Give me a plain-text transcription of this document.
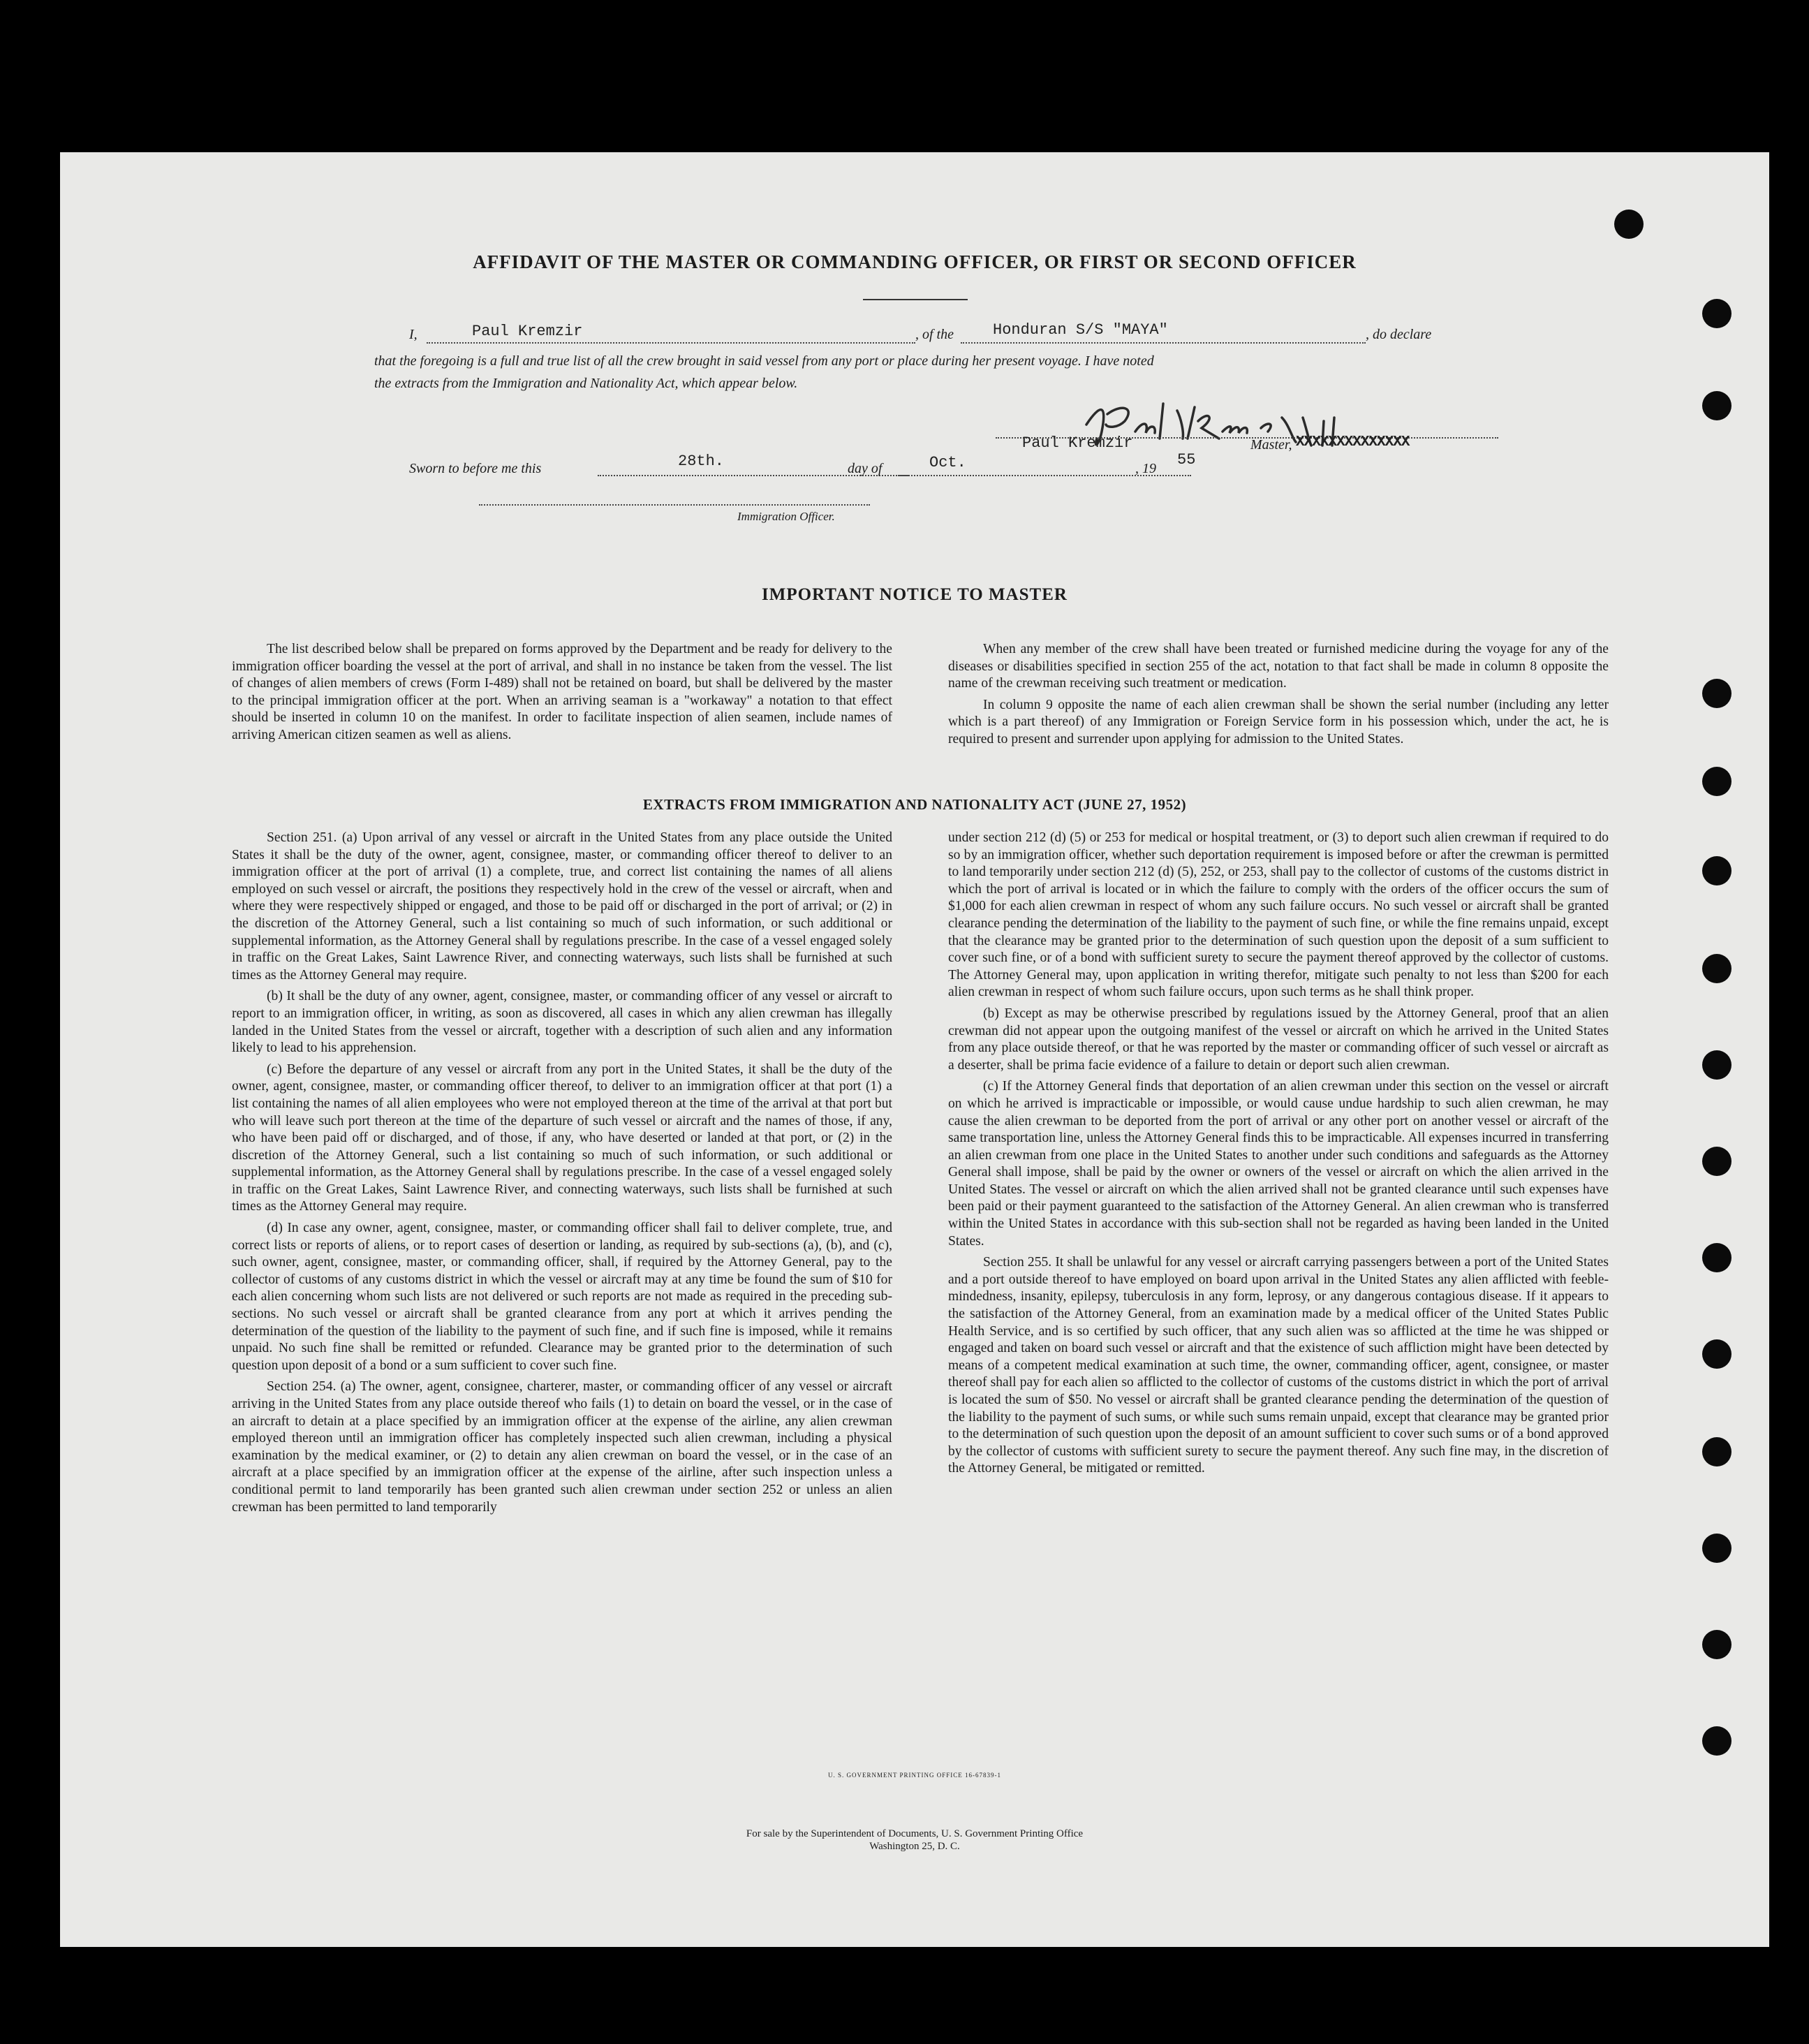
AFFIDAVIT OF THE MASTER OR COMMANDING OFFICER, OR FIRST OR SECOND OFFICER
I,	Paul Kremzir	, of the	Honduran S/S "MAYA"	, do declare
that the foregoing is a full and true list of all the crew brought in said vessel from any port or place during her present voyage. I have noted
the extracts from the Immigration and Nationality Act, which appear below.
Paul Kremzir	Master, XXXXXXXXXXXXXX
Sworn to before me this	28th.	day of	Oct.	, 19 55
Immigration Officer.
IMPORTANT NOTICE TO MASTER

The list described below shall be prepared on forms approved by the Department and be ready for delivery to the immigration officer boarding the vessel at the port of arrival, and shall in no instance be taken from the vessel. The list of changes of alien members of crews (Form I-489) shall not be retained on board, but shall be delivered by the master to the principal immigration officer at the port. When an arriving seaman is a "workaway" a notation to that effect should be inserted in column 10 on the manifest. In order to facilitate inspection of alien seamen, include names of arriving American citizen seamen as well as aliens.

When any member of the crew shall have been treated or furnished medicine during the voyage for any of the diseases or disabilities specified in section 255 of the act, notation to that fact shall be made in column 8 opposite the name of the crewman receiving such treatment or medication.

In column 9 opposite the name of each alien crewman shall be shown the serial number (including any letter which is a part thereof) of any Immigration or Foreign Service form in his possession which, under the act, he is required to present and surrender upon applying for admission to the United States.

EXTRACTS FROM IMMIGRATION AND NATIONALITY ACT (JUNE 27, 1952)

Section 251. (a) Upon arrival of any vessel or aircraft in the United States from any place outside the United States it shall be the duty of the owner, agent, consignee, master, or commanding officer thereof to deliver to an immigration officer at the port of arrival (1) a complete, true, and correct list containing the names of all aliens employed on such vessel or aircraft, the positions they respectively hold in the crew of the vessel or aircraft, when and where they were respectively shipped or engaged, and those to be paid off or discharged in the port of arrival; or (2) in the discretion of the Attorney General, such a list containing so much of such information, or such additional or supplemental information, as the Attorney General shall by regulations prescribe. In the case of a vessel engaged solely in traffic on the Great Lakes, Saint Lawrence River, and connecting waterways, such lists shall be furnished at such times as the Attorney General may require.

(b) It shall be the duty of any owner, agent, consignee, master, or commanding officer of any vessel or aircraft to report to an immigration officer, in writing, as soon as discovered, all cases in which any alien crewman has illegally landed in the United States from the vessel or aircraft, together with a description of such alien and any information likely to lead to his apprehension.

(c) Before the departure of any vessel or aircraft from any port in the United States, it shall be the duty of the owner, agent, consignee, master, or commanding officer thereof, to deliver to an immigration officer at that port (1) a list containing the names of all alien employees who were not employed thereon at the time of the arrival at that port but who will leave such port thereon at the time of the departure of such vessel or aircraft and the names of those, if any, who have been paid off or discharged, and of those, if any, who have deserted or landed at that port, or (2) in the discretion of the Attorney General, such a list containing so much of such information, or such additional or supplemental information, as the Attorney General shall by regulations prescribe. In the case of a vessel engaged solely in traffic on the Great Lakes, Saint Lawrence River, and connecting waterways, such lists shall be furnished at such times as the Attorney General may require.

(d) In case any owner, agent, consignee, master, or commanding officer shall fail to deliver complete, true, and correct lists or reports of aliens, or to report cases of desertion or landing, as required by sub-sections (a), (b), and (c), such owner, agent, consignee, master, or commanding officer, shall, if required by the Attorney General, pay to the collector of customs of any customs district in which the vessel or aircraft may at any time be found the sum of $10 for each alien concerning whom such lists are not delivered or such reports are not made as required in the preceding sub-sections. No such vessel or aircraft shall be granted clearance from any port at which it arrives pending the determination of the question of the liability to the payment of such fine, and if such fine is imposed, while it remains unpaid. No such fine shall be remitted or refunded. Clearance may be granted prior to the determination of such question upon deposit of a bond or a sum sufficient to cover such fine.

Section 254. (a) The owner, agent, consignee, charterer, master, or commanding officer of any vessel or aircraft arriving in the United States from any place outside thereof who fails (1) to detain on board the vessel, or in the case of an aircraft to detain at a place specified by an immigration officer at the expense of the airline, any alien crewman employed thereon until an immigration officer has completely inspected such alien crewman, including a physical examination by the medical examiner, or (2) to detain any alien crewman on board the vessel, or in the case of an aircraft at a place specified by an immigration officer at the expense of the airline, after such inspection unless a conditional permit to land temporarily has been granted such alien crewman under section 252 or unless an alien crewman has been permitted to land temporarily

under section 212 (d) (5) or 253 for medical or hospital treatment, or (3) to deport such alien crewman if required to do so by an immigration officer, whether such deportation requirement is imposed before or after the crewman is permitted to land temporarily under section 212 (d) (5), 252, or 253, shall pay to the collector of customs of the customs district in which the port of arrival is located or in which the failure to comply with the orders of the officer occurs the sum of $1,000 for each alien crewman in respect of whom any such failure occurs. No such vessel or aircraft shall be granted clearance pending the determination of the liability to the payment of such fine, or while the fine remains unpaid, except that the clearance may be granted prior to the determination of such question upon the deposit of a sum sufficient to cover such fine, or of a bond with sufficient surety to secure the payment thereof approved by the collector of customs. The Attorney General may, upon application in writing therefor, mitigate such penalty to not less than $200 for each alien crewman in respect of whom such failure occurs, upon such terms as he shall think proper.

(b) Except as may be otherwise prescribed by regulations issued by the Attorney General, proof that an alien crewman did not appear upon the outgoing manifest of the vessel or aircraft on which he arrived in the United States from any place outside thereof, or that he was reported by the master or commanding officer of such vessel or aircraft as a deserter, shall be prima facie evidence of a failure to detain or deport such alien crewman.

(c) If the Attorney General finds that deportation of an alien crewman under this section on the vessel or aircraft on which he arrived is impracticable or impossible, or would cause undue hardship to such alien crewman, he may cause the alien crewman to be deported from the port of arrival or any other port on another vessel or aircraft of the same transportation line, unless the Attorney General finds this to be impracticable. All expenses incurred in transferring an alien crewman from one place in the United States to another under such conditions and safeguards as the Attorney General shall impose, shall be paid by the owner or owners of the vessel or aircraft on which the alien arrived in the United States. The vessel or aircraft on which the alien arrived shall not be granted clearance until such expenses have been paid or their payment guaranteed to the satisfaction of the Attorney General. An alien crewman who is transferred within the United States in accordance with this sub-section shall not be regarded as having been landed in the United States.

Section 255. It shall be unlawful for any vessel or aircraft carrying passengers between a port of the United States and a port outside thereof to have employed on board upon arrival in the United States any alien afflicted with feeble-mindedness, insanity, epilepsy, tuberculosis in any form, leprosy, or any dangerous contagious disease. If it appears to the satisfaction of the Attorney General, from an examination made by a medical officer of the United States Public Health Service, and is so certified by such officer, that any such alien was so afflicted at the time he was shipped or engaged and taken on board such vessel or aircraft and that the existence of such affliction might have been detected by means of a competent medical examination at such time, the owner, commanding officer, agent, consignee, or master thereof shall pay for each alien so afflicted to the collector of customs of the customs district in which the port of arrival is located the sum of $50. No vessel or aircraft shall be granted clearance pending the determination of the question of the liability to the payment of such sums, or while such sums remain unpaid, except that clearance may be granted prior to the determination of such question upon the deposit of an amount sufficient to cover such sums or of a bond approved by the collector of customs with sufficient surety to secure the payment thereof. Any such fine may, in the discretion of the Attorney General, be mitigated or remitted.

U. S. GOVERNMENT PRINTING OFFICE 16-67839-1
For sale by the Superintendent of Documents, U. S. Government Printing Office
Washington 25, D. C.
